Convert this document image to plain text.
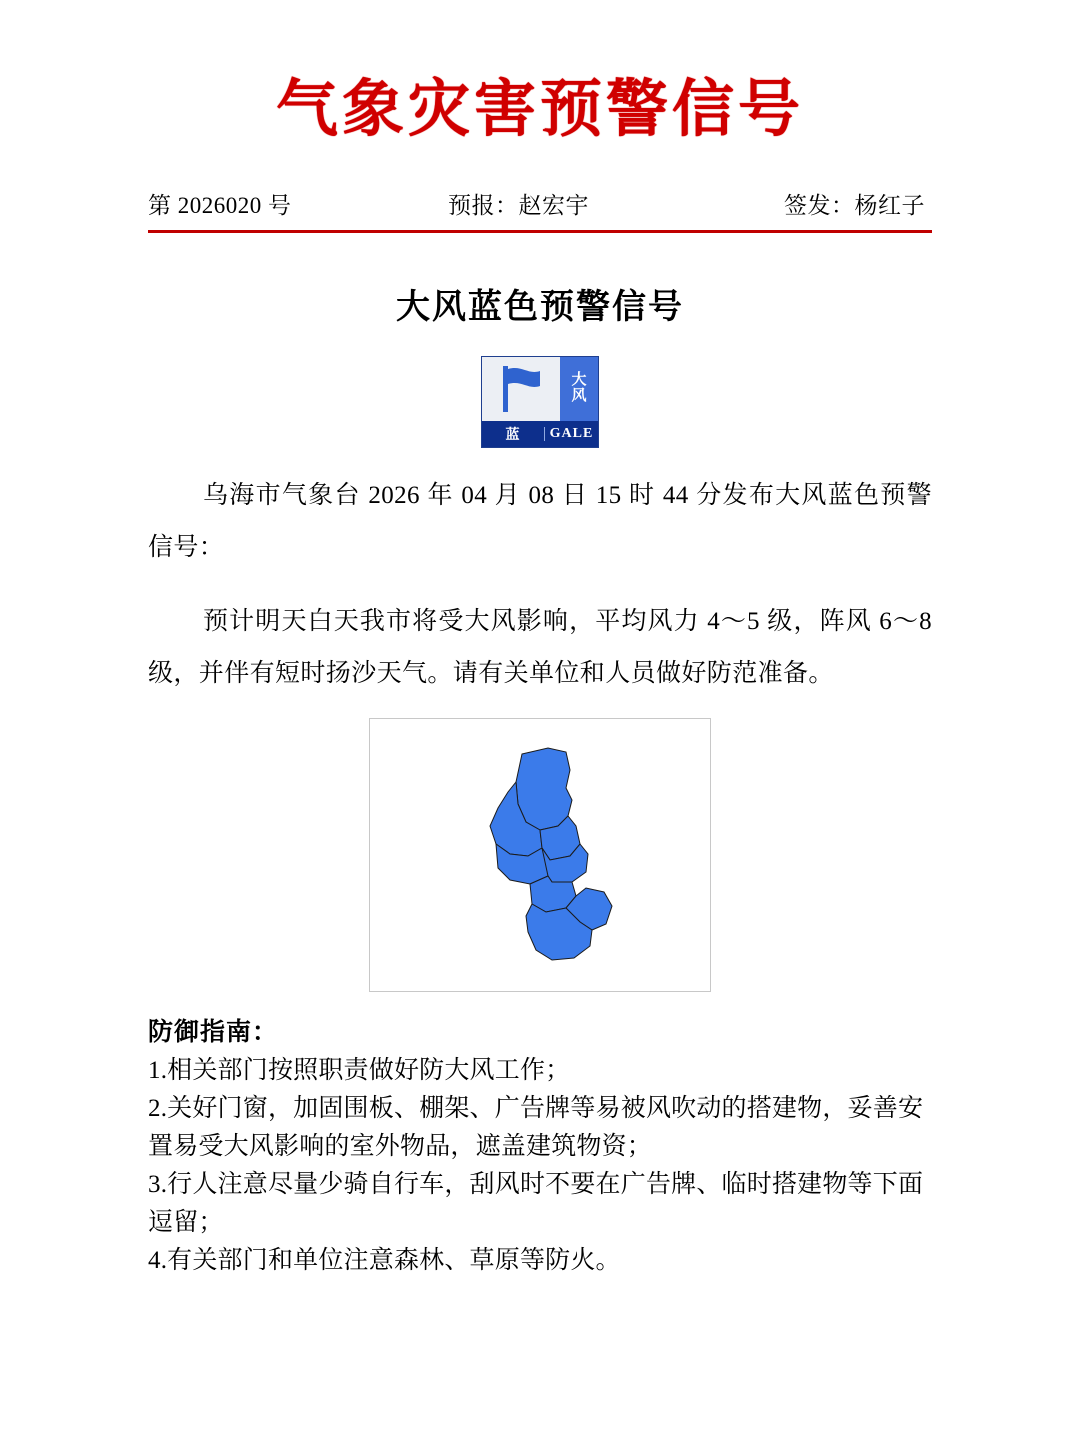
气象灾害预警信号
第 2026020 号	预报：赵宏宇	签发：杨红子
大风蓝色预警信号
大
风
蓝	GALE
乌海市气象台 2026 年 04 月 08 日 15 时 44 分发布大风蓝色预警信号：
预计明天白天我市将受大风影响，平均风力 4～5 级，阵风 6～8 级，并伴有短时扬沙天气。请有关单位和人员做好防范准备。
防御指南：
1.相关部门按照职责做好防大风工作；
2.关好门窗，加固围板、棚架、广告牌等易被风吹动的搭建物，妥善安置易受大风影响的室外物品，遮盖建筑物资；
3.行人注意尽量少骑自行车，刮风时不要在广告牌、临时搭建物等下面逗留；
4.有关部门和单位注意森林、草原等防火。
